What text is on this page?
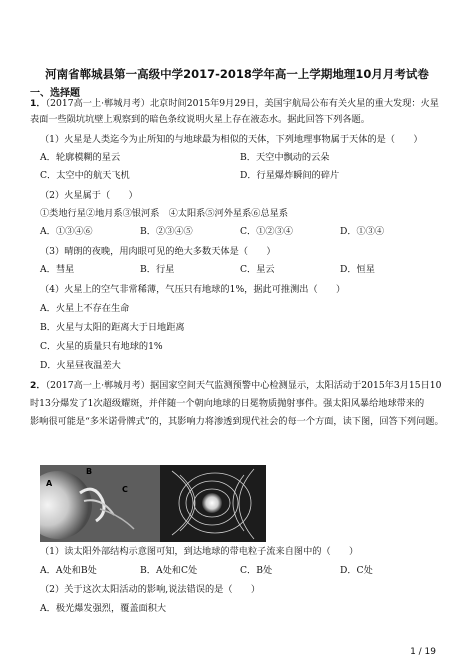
河南省郸城县第一高级中学2017-2018学年高一上学期地理10月月考试卷
一、选择题
1．（2017高一上·郸城月考）北京时间2015年9月29日，美国宇航局公布有关火星的重大发现：火星
表面一些陨坑坑壁上观察到的暗色条纹说明火星上存在液态水。据此回答下列各题。
（1）火星是人类迄今为止所知的与地球最为相似的天体，下列地理事物属于天体的是（　　）
A．轮廓模糊的星云	B．天空中飘动的云朵
C．太空中的航天飞机	D．行星爆炸瞬间的碎片
（2）火星属于（　　）
①类地行星②地月系③银河系　④太阳系⑤河外星系⑥总星系
A．①③④⑥	B．②③④⑤	C．①②③④	D．①③④
（3）晴朗的夜晚，用肉眼可见的绝大多数天体是（　　）
A．彗星	B．行星	C．星云	D．恒星
（4）火星上的空气非常稀薄，气压只有地球的1%，据此可推测出（　　）
A．火星上不存在生命
B．火星与太阳的距离大于日地距离
C．火星的质量只有地球的1%
D．火星昼夜温差大
2．（2017高一上·郸城月考）据国家空间天气监测预警中心检测显示，太阳活动于2015年3月15日10
时13分爆发了1次超级耀斑，并伴随一个朝向地球的日冕物质抛射事件。强太阳风暴给地球带来的
影响很可能是“多米诺骨牌式”的，其影响力将渗透到现代社会的每一个方面，读下图，回答下列问题。
A
B
C
（1）读太阳外部结构示意图可知，到达地球的带电粒子流来自图中的（　　）
A．A处和B处	B．A处和C处	C．B处	D．C处
（2）关于这次太阳活动的影响,说法错误的是（　　）
A．极光爆发强烈，覆盖面积大
1 / 19
